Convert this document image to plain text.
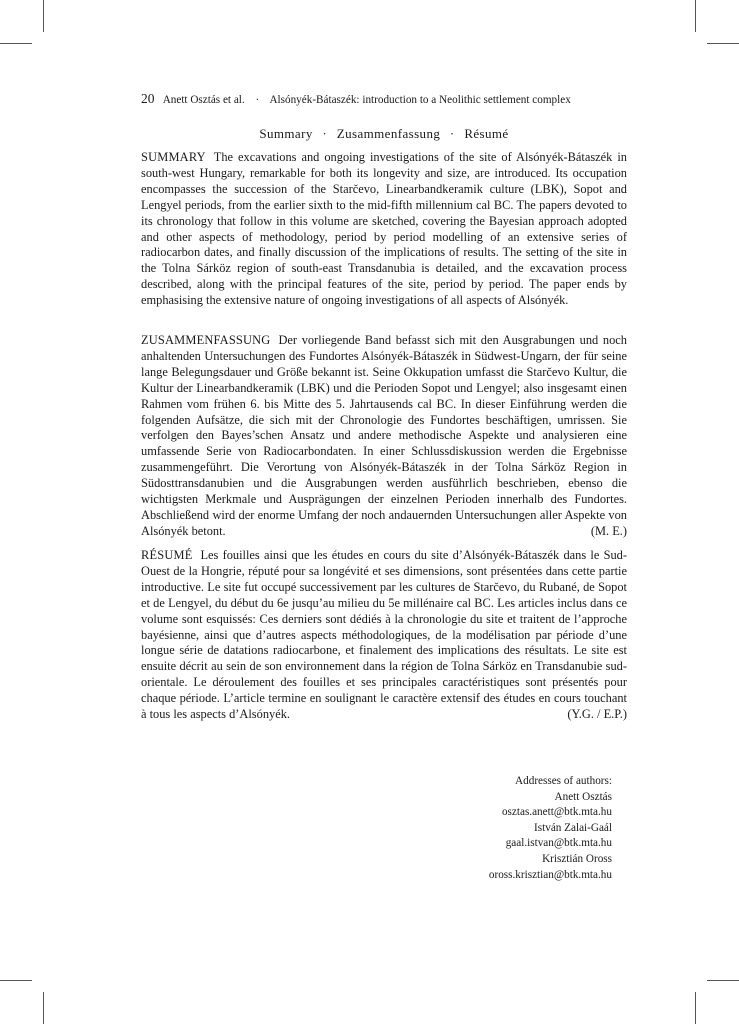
20 Anett Osztás et al. · Alsónyék-Bátaszék: introduction to a Neolithic settlement complex
Summary · Zusammenfassung · Résumé
SUMMARY The excavations and ongoing investigations of the site of Alsónyék-Bátaszék in south-west Hungary, remarkable for both its longevity and size, are introduced. Its occupation encompasses the succession of the Starčevo, Linearbandkeramik culture (LBK), Sopot and Lengyel periods, from the earlier sixth to the mid-fifth millennium cal BC. The papers devoted to its chronology that follow in this volume are sketched, covering the Bayesian approach adopted and other aspects of methodology, period by period modelling of an extensive series of radiocarbon dates, and finally discussion of the implications of results. The setting of the site in the Tolna Sárköz region of south-east Transdanubia is detailed, and the excavation process described, along with the principal features of the site, period by period. The paper ends by emphasising the extensive nature of ongoing investigations of all aspects of Alsónyék.
ZUSAMMENFASSUNG Der vorliegende Band befasst sich mit den Ausgrabungen und noch anhaltenden Untersuchungen des Fundortes Alsónyék-Bátaszék in Südwest-Ungarn, der für seine lange Belegungsdauer und Größe bekannt ist. Seine Okkupation umfasst die Starčevo Kultur, die Kultur der Linearbandkeramik (LBK) und die Perioden Sopot und Lengyel; also insgesamt einen Rahmen vom frühen 6. bis Mitte des 5. Jahrtausends cal BC. In dieser Einführung werden die folgenden Aufsätze, die sich mit der Chronologie des Fundortes beschäftigen, umrissen. Sie verfolgen den Bayes’schen Ansatz und andere methodische Aspekte und analysieren eine umfassende Serie von Radiocarbondaten. In einer Schlussdiskussion werden die Ergebnisse zusammengeführt. Die Verortung von Alsónyék-Bátaszék in der Tolna Sárköz Region in Südosttransdanubien und die Ausgrabungen werden ausführlich beschrieben, ebenso die wichtigsten Merkmale und Ausprägungen der einzelnen Perioden innerhalb des Fundortes. Abschließend wird der enorme Umfang der noch andauernden Untersuchungen aller Aspekte von Alsónyék betont.	(M. E.)
RÉSUMÉ Les fouilles ainsi que les études en cours du site d’Alsónyék-Bátaszék dans le Sud-Ouest de la Hongrie, réputé pour sa longévité et ses dimensions, sont présentées dans cette partie introductive. Le site fut occupé successivement par les cultures de Starčevo, du Rubané, de Sopot et de Lengyel, du début du 6e jusqu’au milieu du 5e millénaire cal BC. Les articles inclus dans ce volume sont esquissés: Ces derniers sont dédiés à la chronologie du site et traitent de l’approche bayésienne, ainsi que d’autres aspects méthodologiques, de la modélisation par période d’une longue série de datations radiocarbone, et finalement des implications des résultats. Le site est ensuite décrit au sein de son environnement dans la région de Tolna Sárköz en Transdanubie sud-orientale. Le déroulement des fouilles et ses principales caractéristiques sont présentés pour chaque période. L’article termine en soulignant le caractère extensif des études en cours touchant à tous les aspects d’Alsónyék.	(Y.G. / E.P.)
Addresses of authors:
Anett Osztás
osztas.anett@btk.mta.hu
István Zalai-Gaál
gaal.istvan@btk.mta.hu
Krisztián Oross
oross.krisztian@btk.mta.hu
